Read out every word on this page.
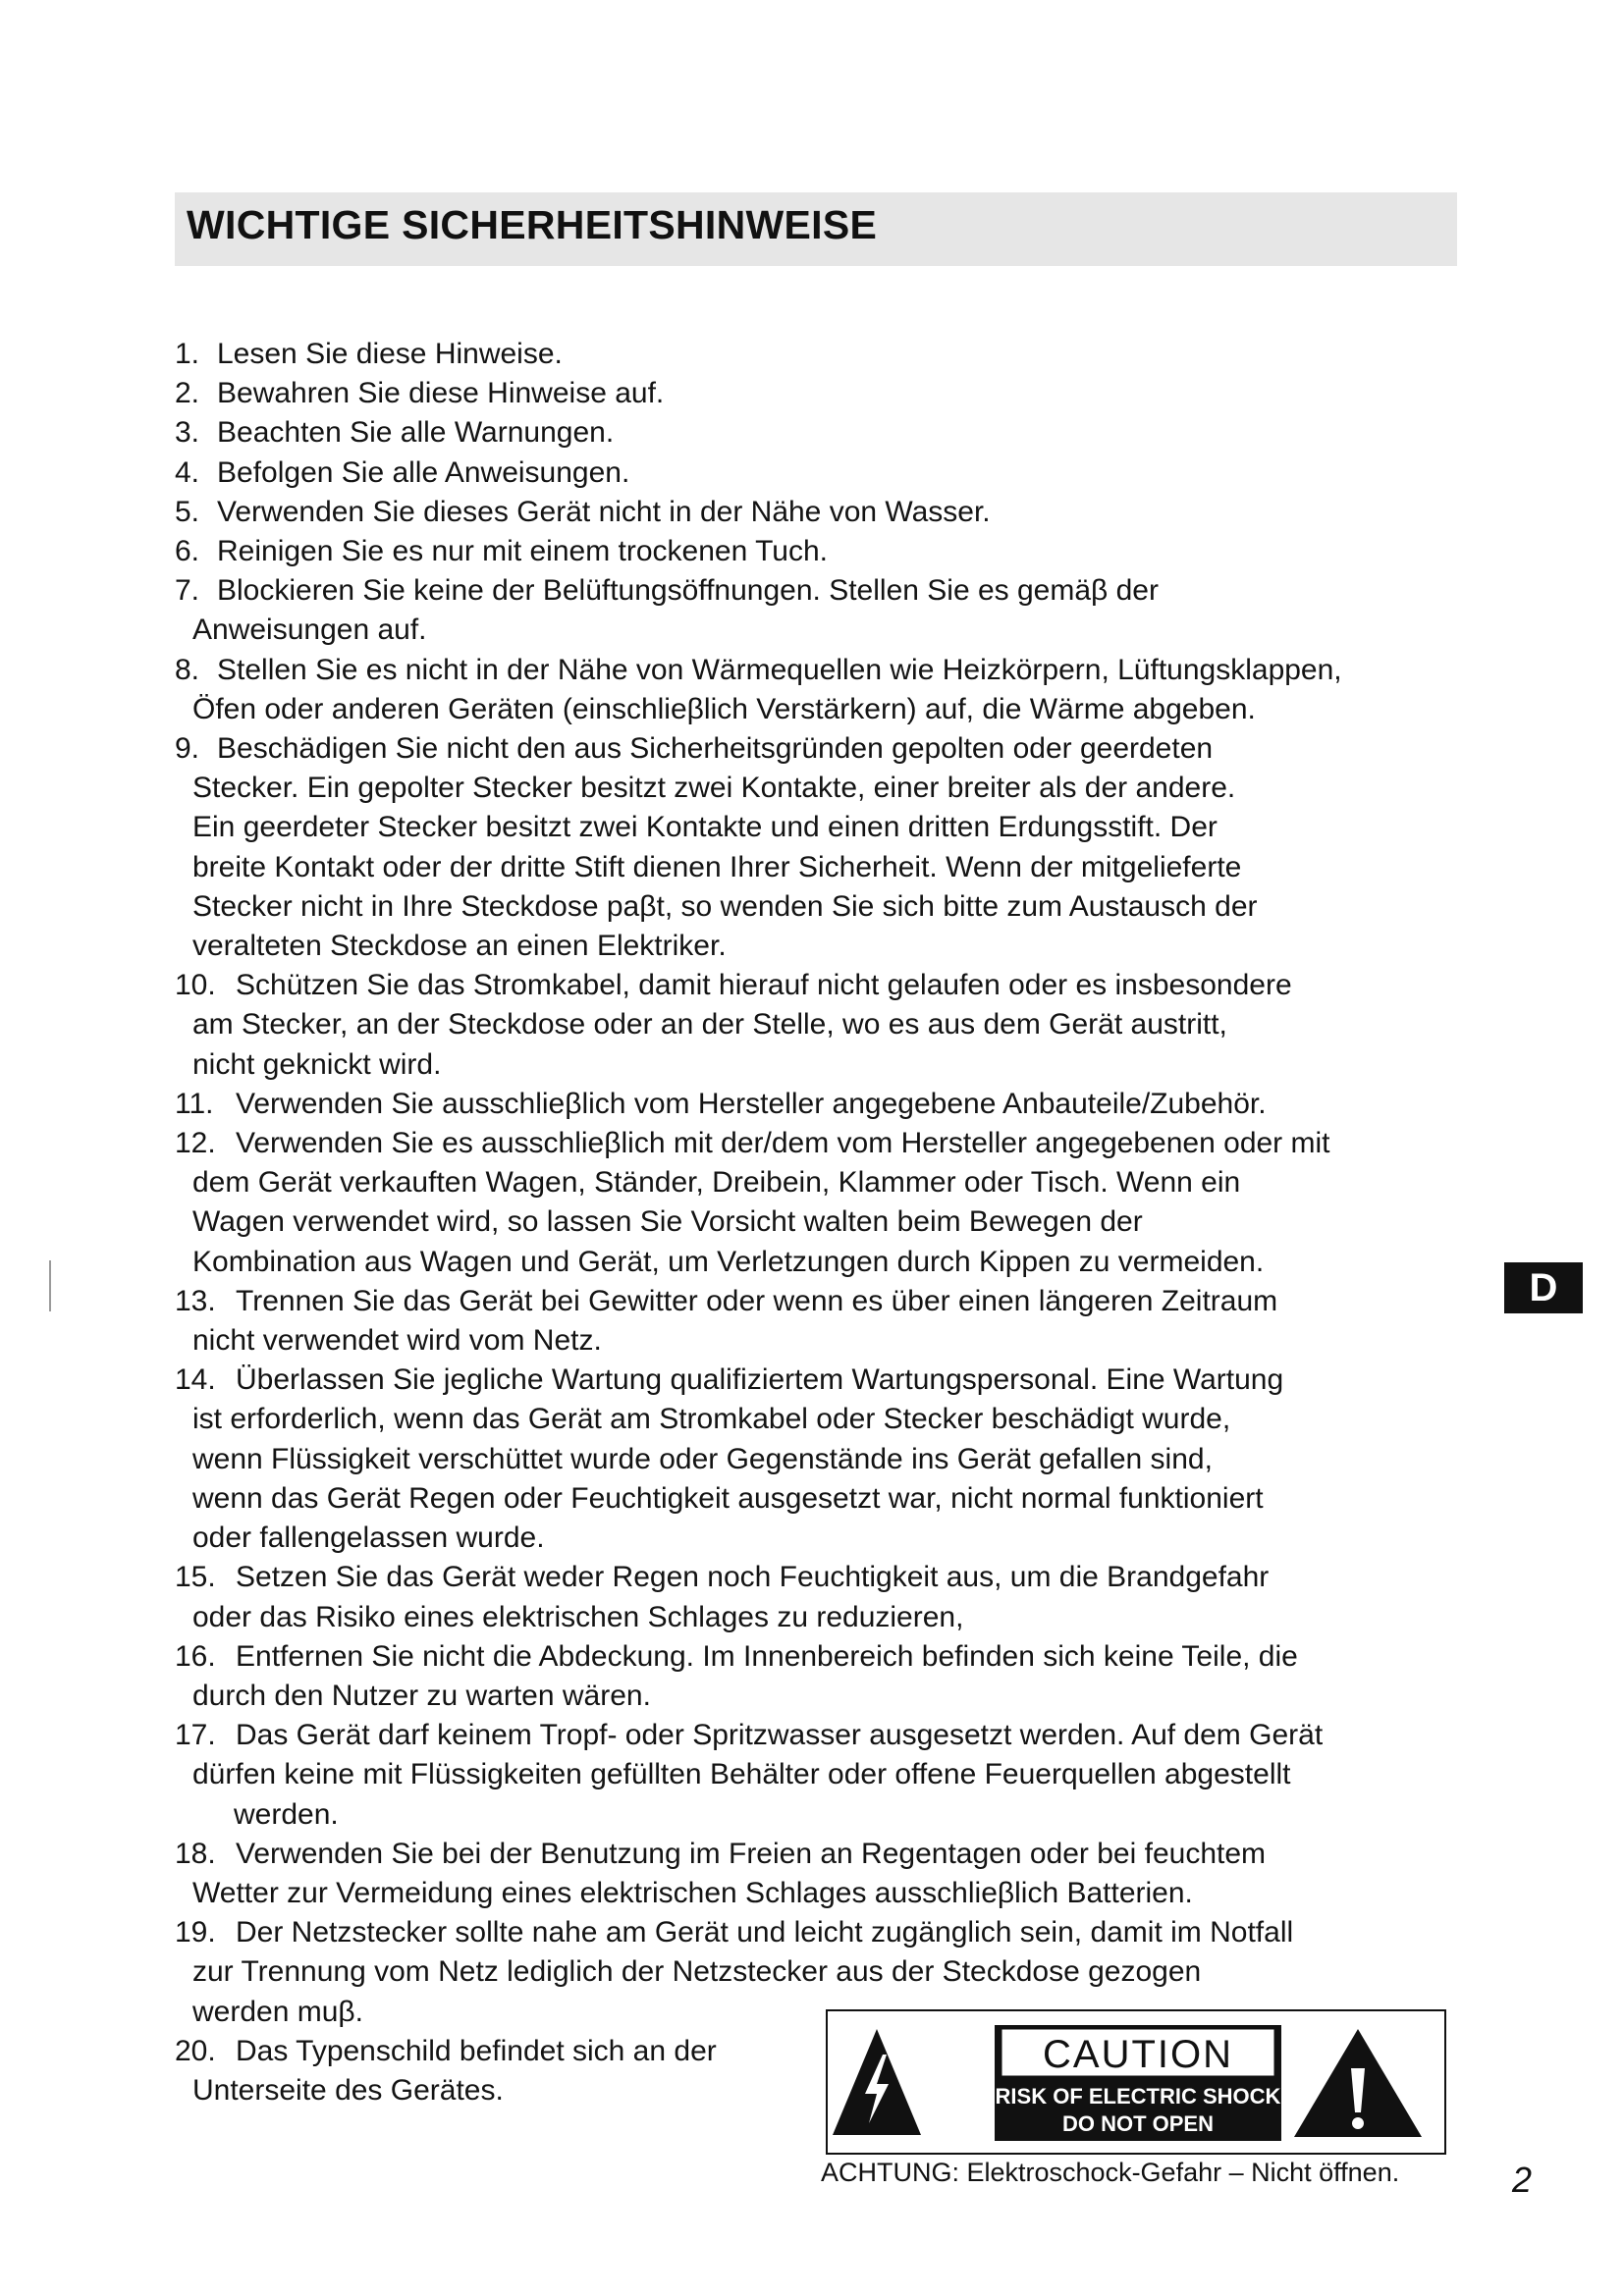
WICHTIGE SICHERHEITSHINWEISE
1. Lesen Sie diese Hinweise.
2. Bewahren Sie diese Hinweise auf.
3. Beachten Sie alle Warnungen.
4. Befolgen Sie alle Anweisungen.
5. Verwenden Sie dieses Gerät nicht in der Nähe von Wasser.
6. Reinigen Sie es nur mit einem trockenen Tuch.
7. Blockieren Sie keine der Belüftungsöffnungen. Stellen Sie es gemäβ der
Anweisungen auf.
8. Stellen Sie es nicht in der Nähe von Wärmequellen wie Heizkörpern, Lüftungsklappen,
Öfen oder anderen Geräten (einschlieβlich Verstärkern) auf, die Wärme abgeben.
9. Beschädigen Sie nicht den aus Sicherheitsgründen gepolten oder geerdeten
Stecker. Ein gepolter Stecker besitzt zwei Kontakte, einer breiter als der andere.
Ein geerdeter Stecker besitzt zwei Kontakte und einen dritten Erdungsstift. Der
breite Kontakt oder der dritte Stift dienen Ihrer Sicherheit. Wenn der mitgelieferte
Stecker nicht in Ihre Steckdose paβt, so wenden Sie sich bitte zum Austausch der
veralteten Steckdose an einen Elektriker.
10. Schützen Sie das Stromkabel, damit hierauf nicht gelaufen oder es insbesondere
am Stecker, an der Steckdose oder an der Stelle, wo es aus dem Gerät austritt,
nicht geknickt wird.
11. Verwenden Sie ausschlieβlich vom Hersteller angegebene Anbauteile/Zubehör.
12. Verwenden Sie es ausschlieβlich mit der/dem vom Hersteller angegebenen oder mit
dem Gerät verkauften Wagen, Ständer, Dreibein, Klammer oder Tisch. Wenn ein
Wagen verwendet wird, so lassen Sie Vorsicht walten beim Bewegen der
Kombination aus Wagen und Gerät, um Verletzungen durch Kippen zu vermeiden.
13. Trennen Sie das Gerät bei Gewitter oder wenn es über einen längeren Zeitraum
nicht verwendet wird vom Netz.
14. Überlassen Sie jegliche Wartung qualifiziertem Wartungspersonal. Eine Wartung
ist erforderlich, wenn das Gerät am Stromkabel oder Stecker beschädigt wurde,
wenn Flüssigkeit verschüttet wurde oder Gegenstände ins Gerät gefallen sind,
wenn das Gerät Regen oder Feuchtigkeit ausgesetzt war, nicht normal funktioniert
oder fallengelassen wurde.
15. Setzen Sie das Gerät weder Regen noch Feuchtigkeit aus, um die Brandgefahr
oder das Risiko eines elektrischen Schlages zu reduzieren,
16. Entfernen Sie nicht die Abdeckung. Im Innenbereich befinden sich keine Teile, die
durch den Nutzer zu warten wären.
17. Das Gerät darf keinem Tropf- oder Spritzwasser ausgesetzt werden. Auf dem Gerät
dürfen keine mit Flüssigkeiten gefüllten Behälter oder offene Feuerquellen abgestellt
werden.
18. Verwenden Sie bei der Benutzung im Freien an Regentagen oder bei feuchtem
Wetter zur Vermeidung eines elektrischen Schlages ausschlieβlich Batterien.
19. Der Netzstecker sollte nahe am Gerät und leicht zugänglich sein, damit im Notfall
zur Trennung vom Netz lediglich der Netzstecker aus der Steckdose gezogen
werden muβ.
20. Das Typenschild befindet sich an der
Unterseite des Gerätes.
CAUTION
RISK OF ELECTRIC SHOCK
DO NOT OPEN
ACHTUNG: Elektroschock-Gefahr – Nicht öffnen.
D
2
